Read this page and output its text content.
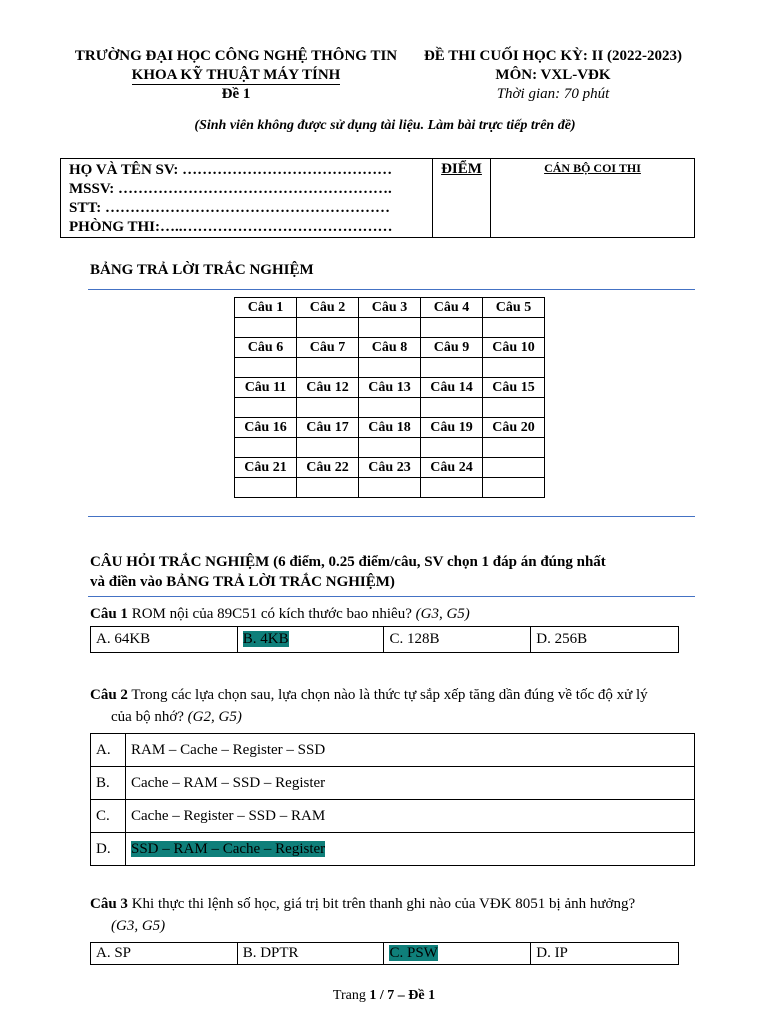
TRƯỜNG ĐẠI HỌC CÔNG NGHỆ THÔNG TIN
KHOA KỸ THUẬT MÁY TÍNH
Đề 1
ĐỀ THI CUỐI HỌC KỲ: II (2022-2023)
MÔN: VXL-VĐK
Thời gian: 70 phút
(Sinh viên không được sử dụng tài liệu. Làm bài trực tiếp trên đề)
HỌ VÀ TÊN SV: ……………………………………
MSSV: ……………………………………………….
STT: …………………………………………………
PHÒNG THI:…..……………………………………
ĐIỂM	CÁN BỘ COI THI
BẢNG TRẢ LỜI TRẮC NGHIỆM
Câu 1	Câu 2	Câu 3	Câu 4	Câu 5

Câu 6	Câu 7	Câu 8	Câu 9	Câu 10

Câu 11	Câu 12	Câu 13	Câu 14	Câu 15

Câu 16	Câu 17	Câu 18	Câu 19	Câu 20

Câu 21	Câu 22	Câu 23	Câu 24	

CÂU HỎI TRẮC NGHIỆM (6 điểm, 0.25 điểm/câu, SV chọn 1 đáp án đúng nhất
và điền vào BẢNG TRẢ LỜI TRẮC NGHIỆM)
Câu 1 ROM nội của 89C51 có kích thước bao nhiêu? (G3, G5)
A. 64KB	B. 4KB	C. 128B	D. 256B
Câu 2 Trong các lựa chọn sau, lựa chọn nào là thức tự sắp xếp tăng dần đúng về tốc độ xử lý
của bộ nhớ? (G2, G5)
A.	RAM – Cache – Register – SSD
B.	Cache – RAM – SSD – Register
C.	Cache – Register – SSD – RAM
D.	SSD – RAM – Cache – Register
Câu 3 Khi thực thi lệnh số học, giá trị bit trên thanh ghi nào của VĐK 8051 bị ảnh hưởng?
(G3, G5)
A. SP	B. DPTR	C. PSW	D. IP
Trang 1 / 7 – Đề 1
